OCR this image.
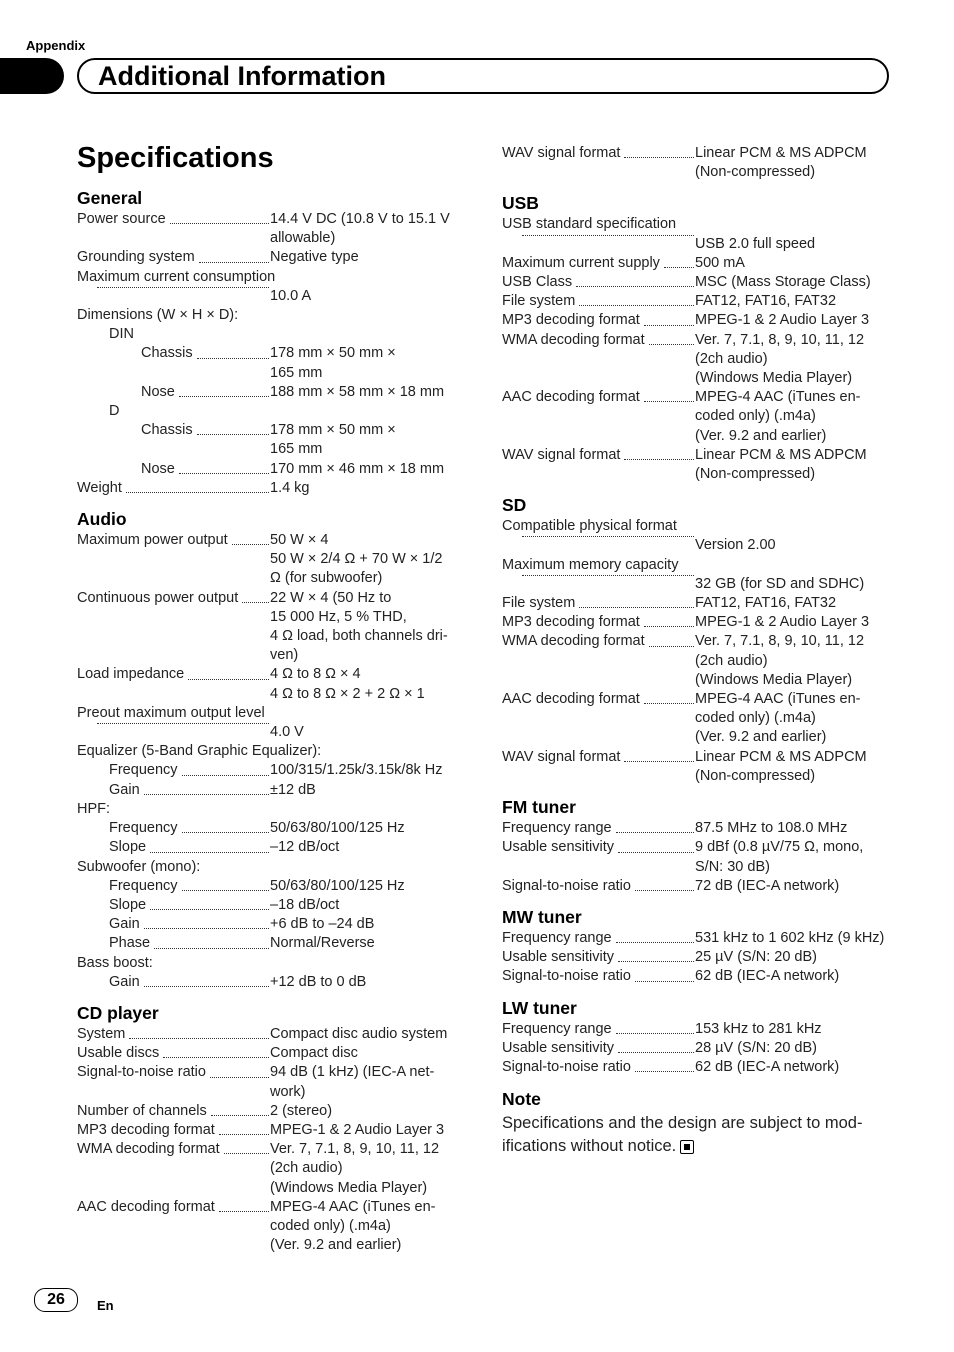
Appendix
Additional Information
Specifications
General
Power source	14.4 V DC (10.8 V to 15.1 V
allowable)
Grounding system	Negative type
Maximum current consumption
10.0 A
Dimensions (W × H × D):
DIN
Chassis	178 mm × 50 mm ×
165 mm
Nose	188 mm × 58 mm × 18 mm
D
Chassis	178 mm × 50 mm ×
165 mm
Nose	170 mm × 46 mm × 18 mm
Weight	1.4 kg
Audio
Maximum power output	50 W × 4
50 W × 2/4 Ω + 70 W × 1/2
Ω (for subwoofer)
Continuous power output 22 W × 4 (50 Hz to
15 000 Hz, 5 % THD,
4 Ω load, both channels dri-
ven)
Load impedance	4 Ω to 8 Ω × 4
4 Ω to 8 Ω × 2 + 2 Ω × 1
Preout maximum output level
4.0 V
Equalizer (5-Band Graphic Equalizer):
Frequency	100/315/1.25k/3.15k/8k Hz
Gain	±12 dB
HPF:
Frequency	50/63/80/100/125 Hz
Slope	–12 dB/oct
Subwoofer (mono):
Frequency	50/63/80/100/125 Hz
Slope	–18 dB/oct
Gain	+6 dB to –24 dB
Phase	Normal/Reverse
Bass boost:
Gain	+12 dB to 0 dB
CD player
System	Compact disc audio system
Usable discs	Compact disc
Signal-to-noise ratio	94 dB (1 kHz) (IEC-A net-
work)
Number of channels	2 (stereo)
MP3 decoding format	MPEG-1 & 2 Audio Layer 3
WMA decoding format	Ver. 7, 7.1, 8, 9, 10, 11, 12
(2ch audio)
(Windows Media Player)
AAC decoding format	MPEG-4 AAC (iTunes en-
coded only) (.m4a)
(Ver. 9.2 and earlier)
WAV signal format	Linear PCM & MS ADPCM
(Non-compressed)
USB
USB standard specification
USB 2.0 full speed
Maximum current supply 500 mA
USB Class	MSC (Mass Storage Class)
File system	FAT12, FAT16, FAT32
MP3 decoding format	MPEG-1 & 2 Audio Layer 3
WMA decoding format	Ver. 7, 7.1, 8, 9, 10, 11, 12
(2ch audio)
(Windows Media Player)
AAC decoding format	MPEG-4 AAC (iTunes en-
coded only) (.m4a)
(Ver. 9.2 and earlier)
WAV signal format	Linear PCM & MS ADPCM
(Non-compressed)
SD
Compatible physical format
Version 2.00
Maximum memory capacity
32 GB (for SD and SDHC)
File system	FAT12, FAT16, FAT32
MP3 decoding format	MPEG-1 & 2 Audio Layer 3
WMA decoding format	Ver. 7, 7.1, 8, 9, 10, 11, 12
(2ch audio)
(Windows Media Player)
AAC decoding format	MPEG-4 AAC (iTunes en-
coded only) (.m4a)
(Ver. 9.2 and earlier)
WAV signal format	Linear PCM & MS ADPCM
(Non-compressed)
FM tuner
Frequency range	87.5 MHz to 108.0 MHz
Usable sensitivity	9 dBf (0.8 µV/75 Ω, mono,
S/N: 30 dB)
Signal-to-noise ratio	72 dB (IEC-A network)
MW tuner
Frequency range	531 kHz to 1 602 kHz (9 kHz)
Usable sensitivity	25 µV (S/N: 20 dB)
Signal-to-noise ratio	62 dB (IEC-A network)
LW tuner
Frequency range	153 kHz to 281 kHz
Usable sensitivity	28 µV (S/N: 20 dB)
Signal-to-noise ratio	62 dB (IEC-A network)
Note
Specifications and the design are subject to mod- ifications without notice.
26	En
